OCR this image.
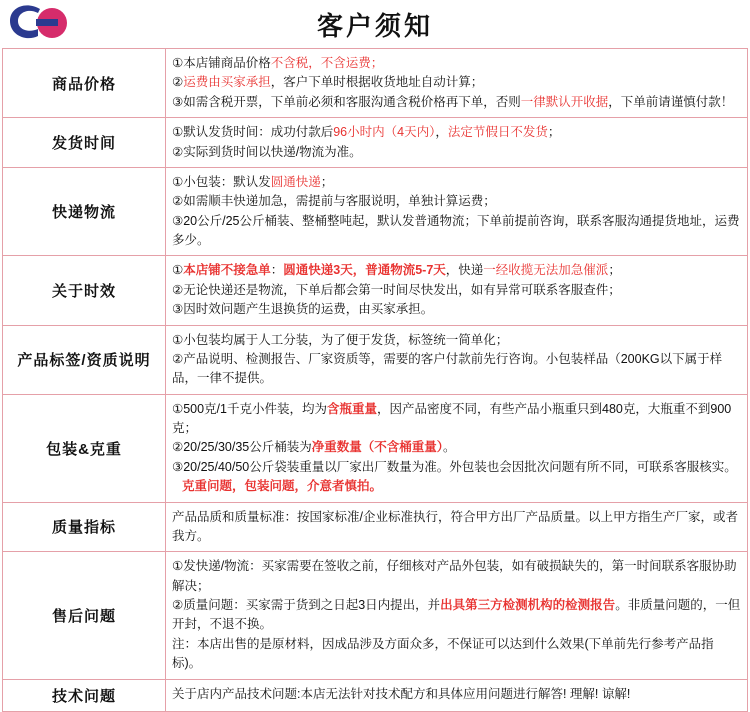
客户须知
商品价格	①本店铺商品价格不含税，不含运费；

②运费由买家承担，客户下单时根据收货地址自动计算；

③如需含税开票，下单前必须和客服沟通含税价格再下单，否则一律默认开收据，下单前请谨慎付款！

发货时间	①默认发货时间：成功付款后96小时内（4天内），法定节假日不发货；

②实际到货时间以快递/物流为准。

快递物流	①小包装：默认发圆通快递；

②如需顺丰快递加急，需提前与客服说明，单独计算运费；

③20公斤/25公斤桶装、整桶整吨起，默认发普通物流；下单前提前咨询，联系客服沟通提货地址，运费多少。

关于时效	①本店铺不接急单：圆通快递3天，普通物流5-7天，快递一经收揽无法加急催派；

②无论快递还是物流，下单后都会第一时间尽快发出，如有异常可联系客服查件；

③因时效问题产生退换货的运费，由买家承担。

产品标签/资质说明	①小包装均属于人工分装，为了便于发货，标签统一简单化；

②产品说明、检测报告、厂家资质等，需要的客户付款前先行咨询。小包装样品（200KG以下属于样品，一律不提供。

包装&克重	①500克/1千克小件装，均为含瓶重量，因产品密度不同，有些产品小瓶重只到480克，大瓶重不到900克；

②20/25/30/35公斤桶装为净重数量（不含桶重量）。

③20/25/40/50公斤袋装重量以厂家出厂数量为准。外包装也会因批次问题有所不同，可联系客服核实。

克重问题，包装问题，介意者慎拍。

质量指标	产品品质和质量标准：按国家标准/企业标准执行，符合甲方出厂产品质量。以上甲方指生产厂家，或者我方。

售后问题	①发快递/物流：买家需要在签收之前，仔细核对产品外包装，如有破损缺失的，第一时间联系客服协助解决；

②质量问题：买家需于货到之日起3日内提出，并出具第三方检测机构的检测报告。非质量问题的，一但开封，不退不换。

注：本店出售的是原材料，因成品涉及方面众多，不保证可以达到什么效果(下单前先行参考产品指标)。

技术问题	关于店内产品技术问题:本店无法针对技术配方和具体应用问题进行解答! 理解! 谅解!
